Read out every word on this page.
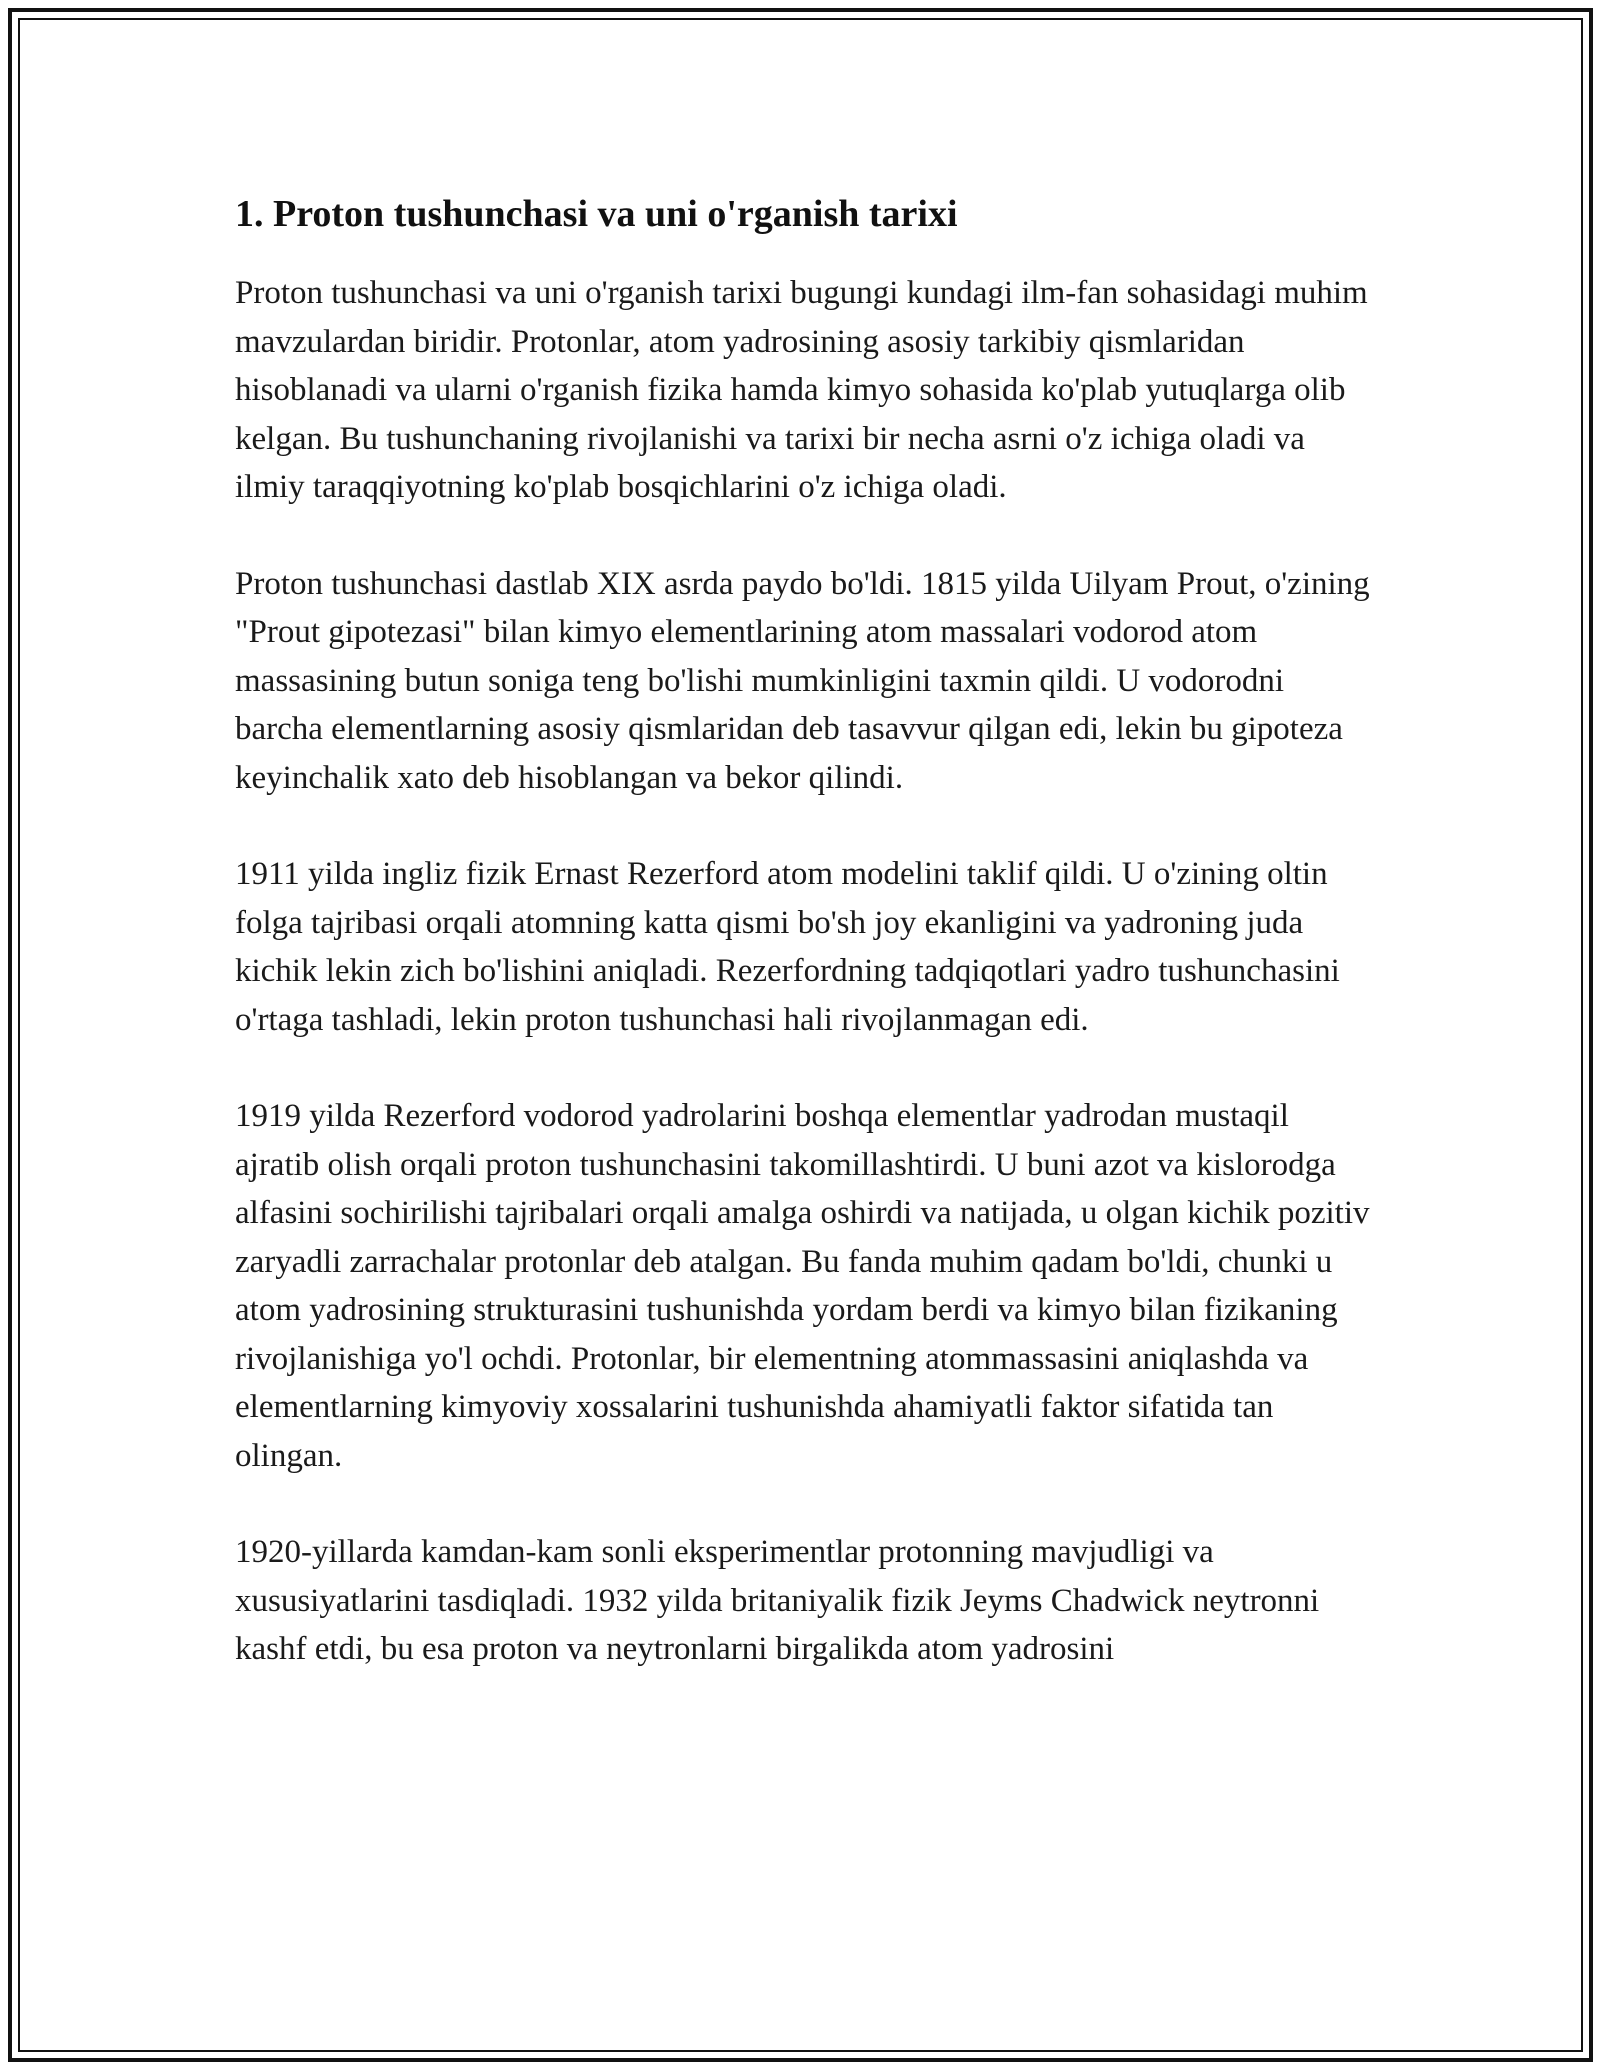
1. Proton tushunchasi va uni o'rganish tarixi

Proton tushunchasi va uni o'rganish tarixi bugungi kundagi ilm-fan sohasidagi muhim mavzulardan biridir. Protonlar, atom yadrosining asosiy tarkibiy qismlaridan hisoblanadi va ularni o'rganish fizika hamda kimyo sohasida ko'plab yutuqlarga olib kelgan. Bu tushunchaning rivojlanishi va tarixi bir necha asrni o'z ichiga oladi va ilmiy taraqqiyotning ko'plab bosqichlarini o'z ichiga oladi.

Proton tushunchasi dastlab XIX asrda paydo bo'ldi. 1815 yilda Uilyam Prout, o'zining "Prout gipotezasi" bilan kimyo elementlarining atom massalari vodorod atom massasining butun soniga teng bo'lishi mumkinligini taxmin qildi. U vodorodni barcha elementlarning asosiy qismlaridan deb tasavvur qilgan edi, lekin bu gipoteza keyinchalik xato deb hisoblangan va bekor qilindi.

1911 yilda ingliz fizik Ernast Rezerford atom modelini taklif qildi. U o'zining oltin folga tajribasi orqali atomning katta qismi bo'sh joy ekanligini va yadroning juda kichik lekin zich bo'lishini aniqladi. Rezerfordning tadqiqotlari yadro tushunchasini o'rtaga tashladi, lekin proton tushunchasi hali rivojlanmagan edi.

1919 yilda Rezerford vodorod yadrolarini boshqa elementlar yadrodan mustaqil ajratib olish orqali proton tushunchasini takomillashtirdi. U buni azot va kislorodga alfasini sochirilishi tajribalari orqali amalga oshirdi va natijada, u olgan kichik pozitiv zaryadli zarrachalar protonlar deb atalgan. Bu fanda muhim qadam bo'ldi, chunki u atom yadrosining strukturasini tushunishda yordam berdi va kimyo bilan fizikaning rivojlanishiga yo'l ochdi. Protonlar, bir elementning atommassasini aniqlashda va elementlarning kimyoviy xossalarini tushunishda ahamiyatli faktor sifatida tan olingan.

1920-yillarda kamdan-kam sonli eksperimentlar protonning mavjudligi va xususiyatlarini tasdiqladi. 1932 yilda britaniyalik fizik Jeyms Chadwick neytronni kashf etdi, bu esa proton va neytronlarni birgalikda atom yadrosini
